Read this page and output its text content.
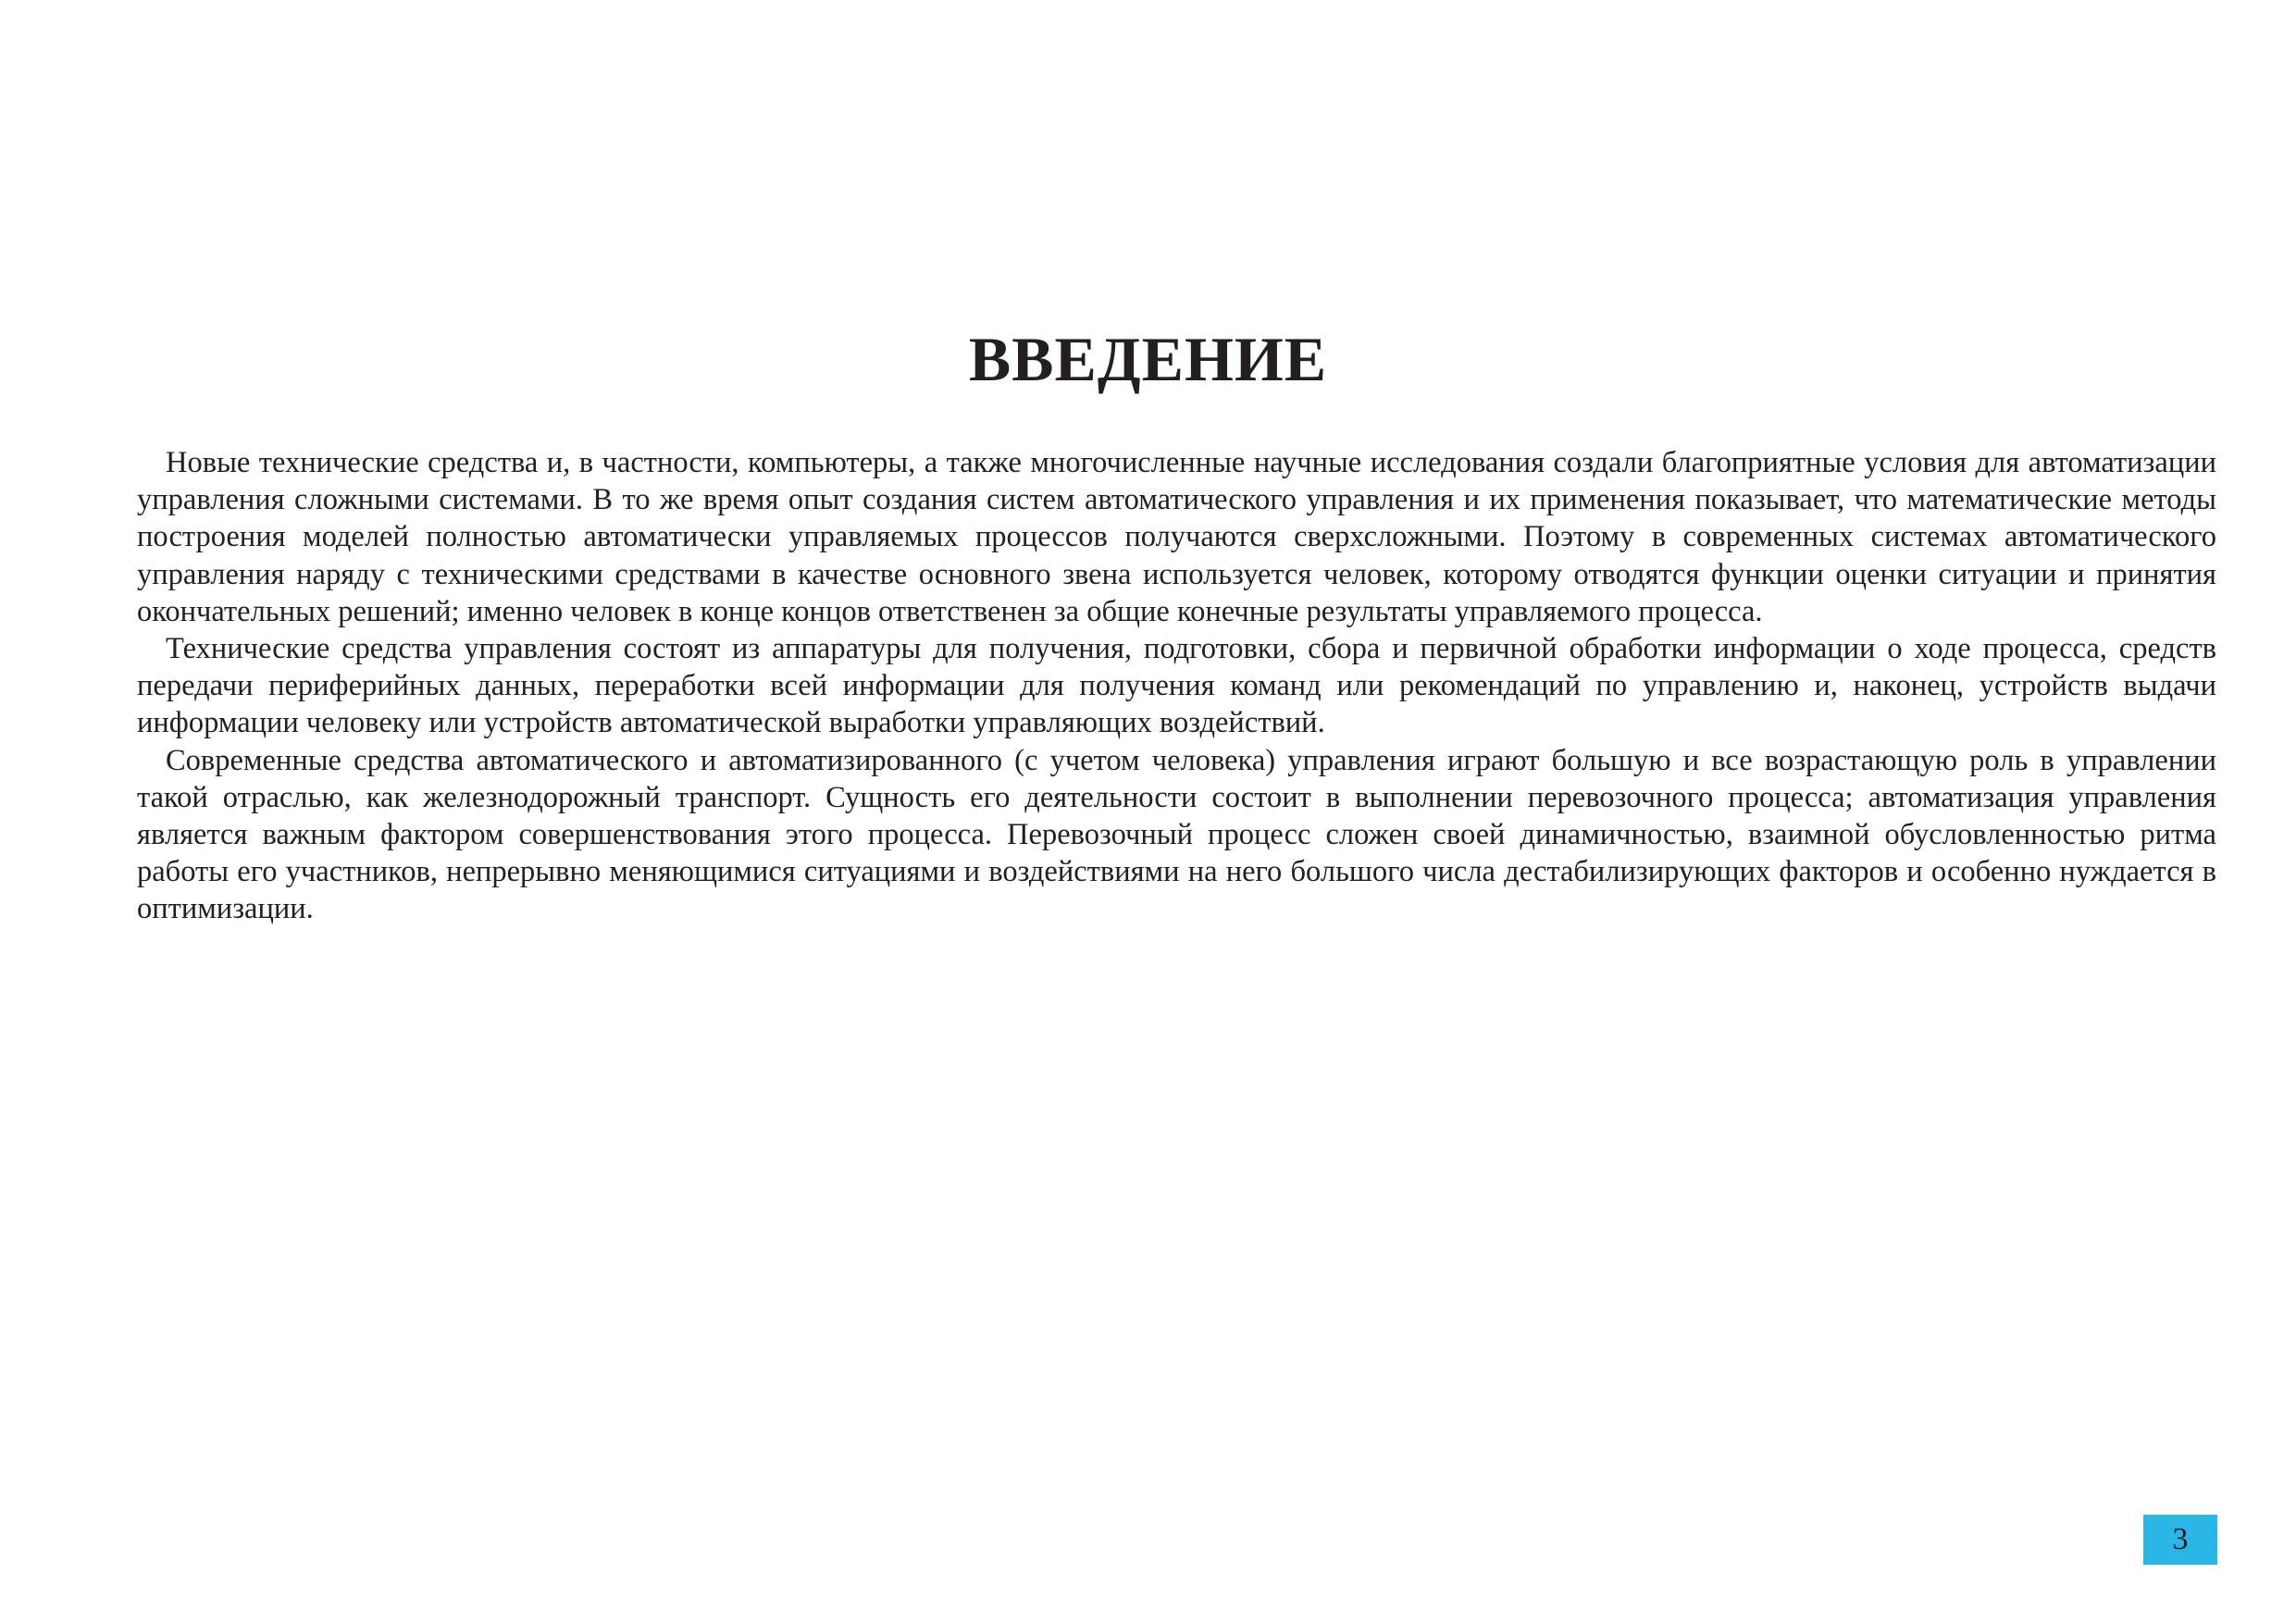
ВВЕДЕНИЕ

Новые технические средства и, в частности, компьютеры, а также многочисленные научные исследования создали благоприятные условия для автоматизации управления сложными системами. В то же время опыт создания систем автоматического управления и их применения показывает, что математические методы построения моделей полностью автоматически управляемых процессов получаются сверхсложными. Поэтому в современных системах автоматического управления наряду с техническими средствами в качестве основного звена используется человек, которому отводятся функции оценки ситуации и принятия окончательных решений; именно человек в конце концов ответственен за общие конечные результаты управляемого процесса.

Технические средства управления состоят из аппаратуры для получения, подготовки, сбора и первичной обработки информации о ходе процесса, средств передачи периферийных данных, переработки всей информации для получения команд или рекомендаций по управлению и, наконец, устройств выдачи информации человеку или устройств автоматической выработки управляющих воздействий.

Современные средства автоматического и автоматизированного (с учетом человека) управления играют большую и все возрастающую роль в управлении такой отраслью, как железнодорожный транспорт. Сущность его деятельности состоит в выполнении перевозочного процесса; автоматизация управления является важным фактором совершенствования этого процесса. Перевозочный процесс сложен своей динамичностью, взаимной обусловленностью ритма работы его участников, непрерывно меняющимися ситуациями и воздействиями на него большого числа дестабилизирующих факторов и особенно нуждается в оптимизации.

3
